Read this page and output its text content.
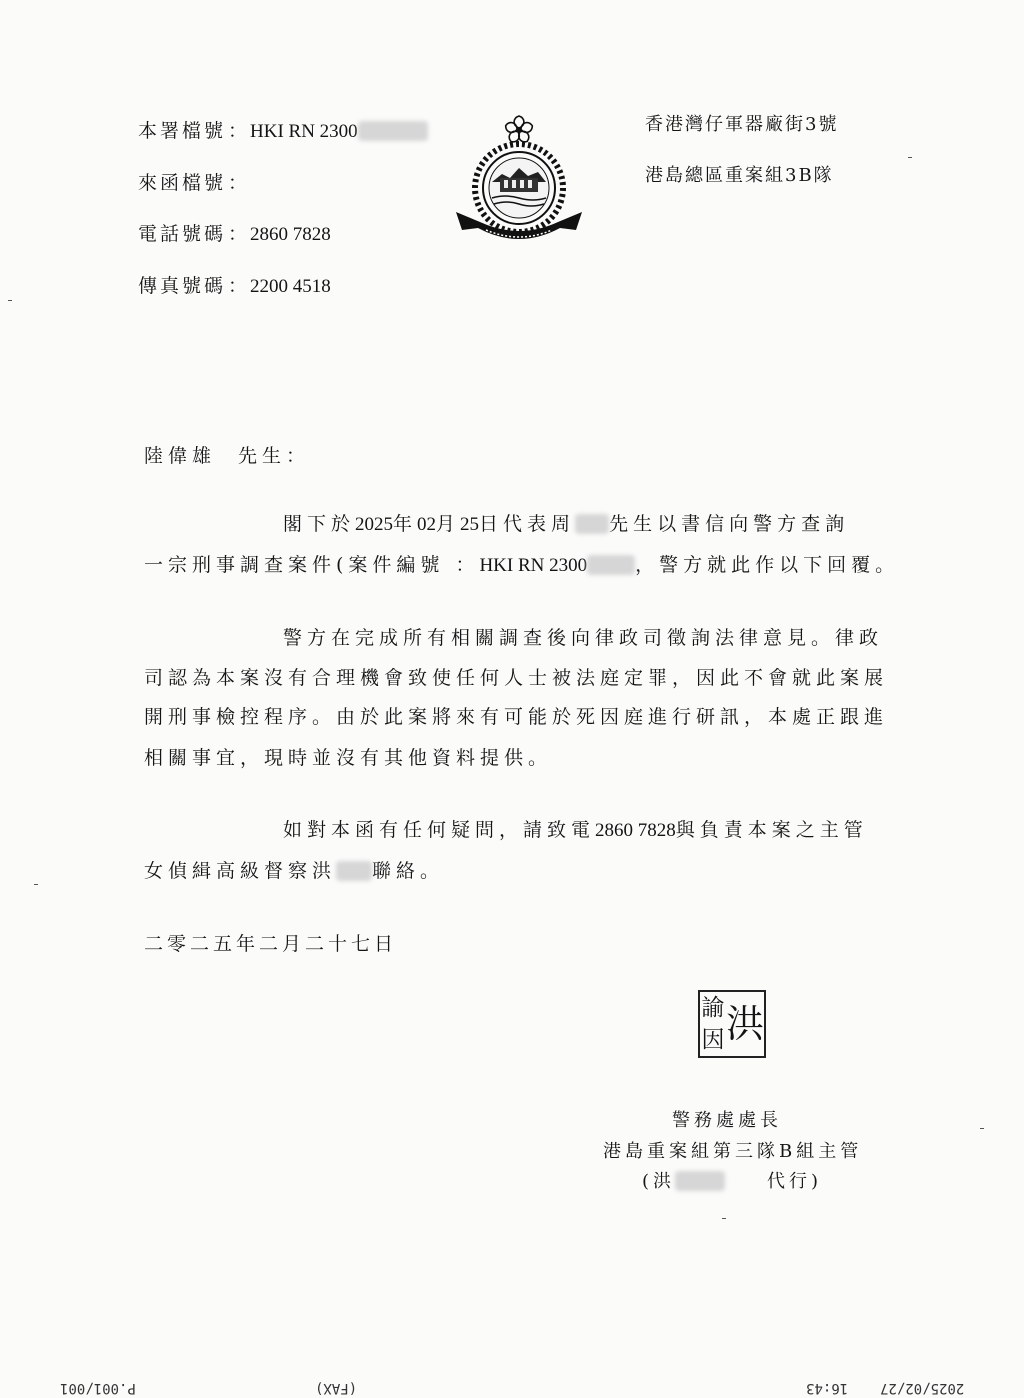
本署檔號 ：HKI RN 2300
來函檔號 ：
電話號碼 ：2860 7828
傳真號碼 ：2200 4518
香港灣仔軍器廠街3號
港島總區重案組3B隊
陸偉雄 先生：
閣下於2025年02月25日代表周 先生以書信向警方查詢
一宗刑事調查案件(案件編號 ：HKI RN 2300	，警方就此作以下回覆。
警方在完成所有相關調查後向律政司徵詢法律意見。律政
司認為本案沒有合理機會致使任何人士被法庭定罪，因此不會就此案展
開刑事檢控程序。由於此案將來有可能於死因庭進行研訊，本處正跟進
相關事宜，現時並沒有其他資料提供。
如對本函有任何疑問，請致電2860 7828與負責本案之主管
女偵緝高級督察洪 聯絡。
二零二五年二月二十七日
諭 洪
因
警務處處長
港島重案組第三隊B組主管
(洪	代行)
P.001/001	(FAX)	16:43 2025/02/27
